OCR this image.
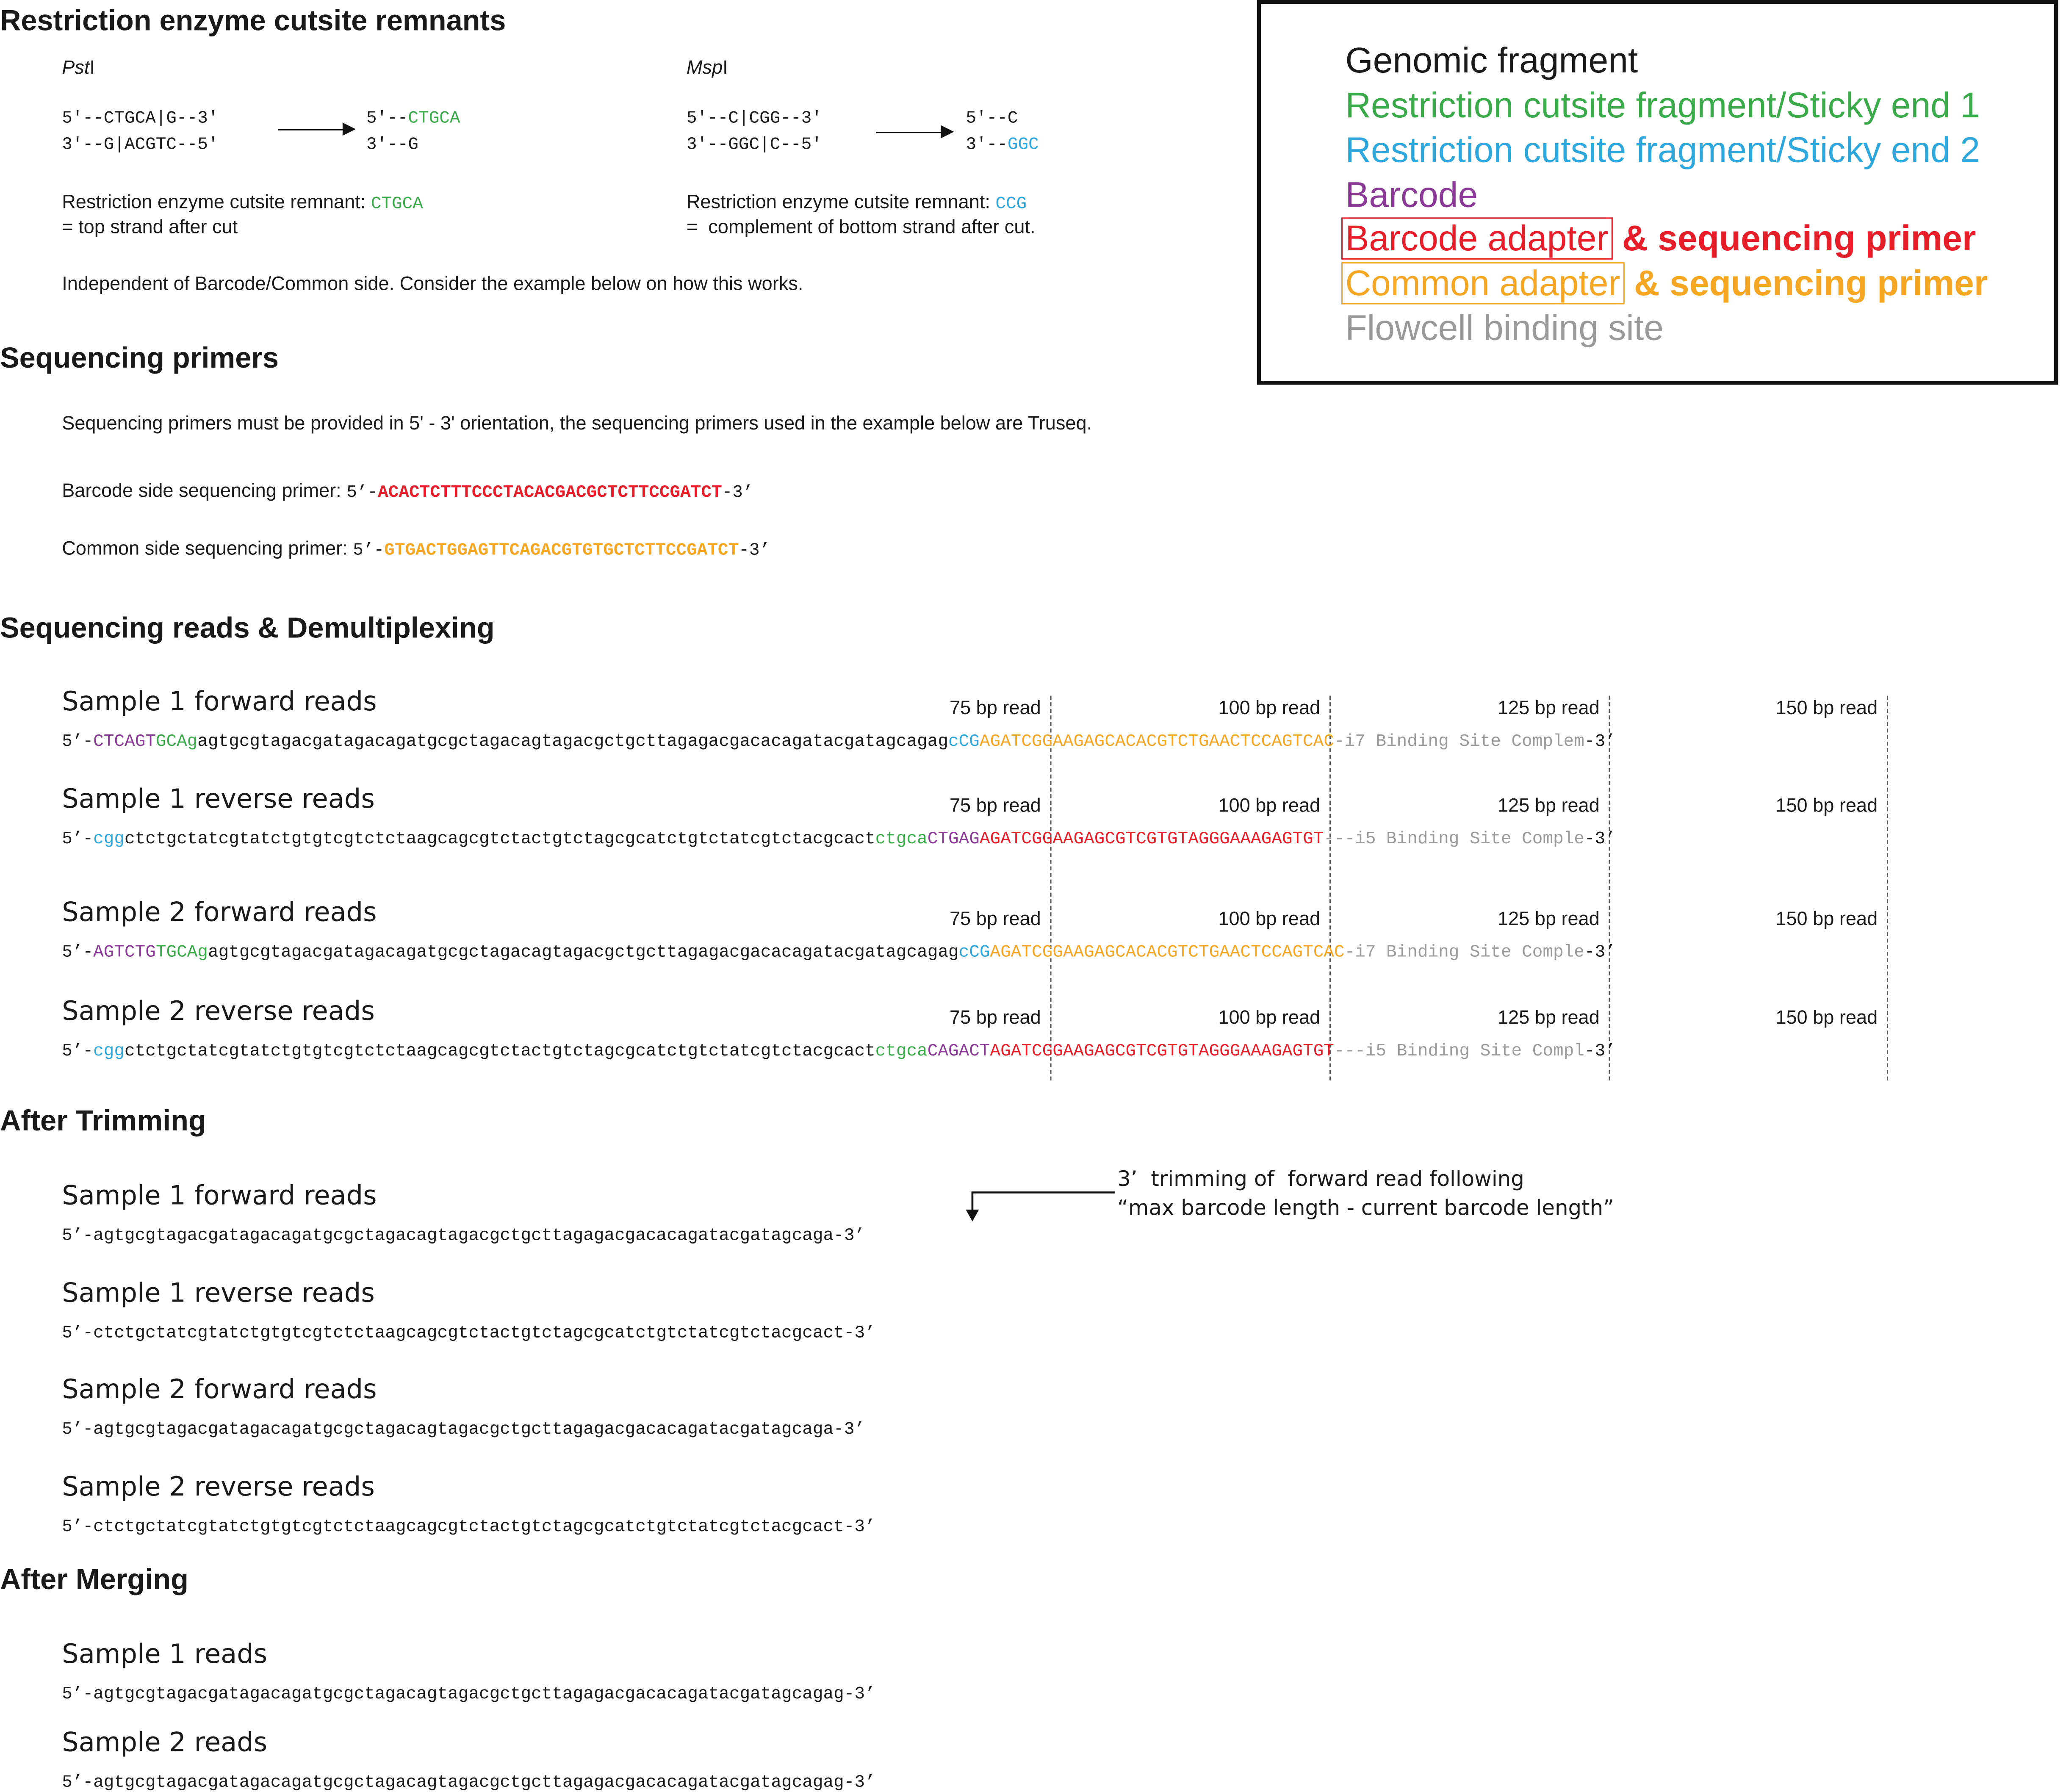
Restriction enzyme cutsite remnants
PstI
5'--CTGCA|G--3'
3'--G|ACGTC--5'
5'--CTGCA
3'--G
Restriction enzyme cutsite remnant: CTGCA
= top strand after cut
MspI
5'--C|CGG--3'
3'--GGC|C--5'
5'--C
3'--GGC
Restriction enzyme cutsite remnant: CCG
=  complement of bottom strand after cut.
Independent of Barcode/Common side. Consider the example below on how this works.
Genomic fragment
Restriction cutsite fragment/Sticky end 1
Restriction cutsite fragment/Sticky end 2
Barcode
Barcode adapter & sequencing primer
Common adapter & sequencing primer
Flowcell binding site
Sequencing primers
Sequencing primers must be provided in 5' - 3' orientation, the sequencing primers used in the example below are Truseq.
Barcode side sequencing primer: 5’-ACACTCTTTCCCTACACGACGCTCTTCCGATCT-3’
Common side sequencing primer: 5’-GTGACTGGAGTTCAGACGTGTGCTCTTCCGATCT-3’
Sequencing reads & Demultiplexing
Sample 1 forward reads	75 bp read	100 bp read	125 bp read	150 bp read
5’-CTCAGTGCAgagtgcgtagacgatagacagatgcgctagacagtagacgctgcttagagacgacacagatacgatagcagagcCGAGATCGGAAGAGCACACGTCTGAACTCCAGTCAC-i7 Binding Site Complem-3’
Sample 1 reverse reads	75 bp read	100 bp read	125 bp read	150 bp read
5’-cggctctgctatcgtatctgtgtcgtctctaagcagcgtctactgtctagcgcatctgtctatcgtctacgcactctgcaCTGAGAGATCGGAAGAGCGTCGTGTAGGGAAAGAGTGT---i5 Binding Site Comple-3’
Sample 2 forward reads	75 bp read	100 bp read	125 bp read	150 bp read
5’-AGTCTGTGCAgagtgcgtagacgatagacagatgcgctagacagtagacgctgcttagagacgacacagatacgatagcagagcCGAGATCGGAAGAGCACACGTCTGAACTCCAGTCAC-i7 Binding Site Comple-3’
Sample 2 reverse reads	75 bp read	100 bp read	125 bp read	150 bp read
5’-cggctctgctatcgtatctgtgtcgtctctaagcagcgtctactgtctagcgcatctgtctatcgtctacgcactctgcaCAGACTAGATCGGAAGAGCGTCGTGTAGGGAAAGAGTGT---i5 Binding Site Compl-3’
After Trimming
Sample 1 forward reads
5’-agtgcgtagacgatagacagatgcgctagacagtagacgctgcttagagacgacacagatacgatagcaga-3’
Sample 1 reverse reads
5’-ctctgctatcgtatctgtgtcgtctctaagcagcgtctactgtctagcgcatctgtctatcgtctacgcact-3’
Sample 2 forward reads
5’-agtgcgtagacgatagacagatgcgctagacagtagacgctgcttagagacgacacagatacgatagcaga-3’
Sample 2 reverse reads
5’-ctctgctatcgtatctgtgtcgtctctaagcagcgtctactgtctagcgcatctgtctatcgtctacgcact-3’
3’  trimming of  forward read following
“max barcode length - current barcode length”
After Merging
Sample 1 reads
5’-agtgcgtagacgatagacagatgcgctagacagtagacgctgcttagagacgacacagatacgatagcagag-3’
Sample 2 reads
5’-agtgcgtagacgatagacagatgcgctagacagtagacgctgcttagagacgacacagatacgatagcagag-3’
